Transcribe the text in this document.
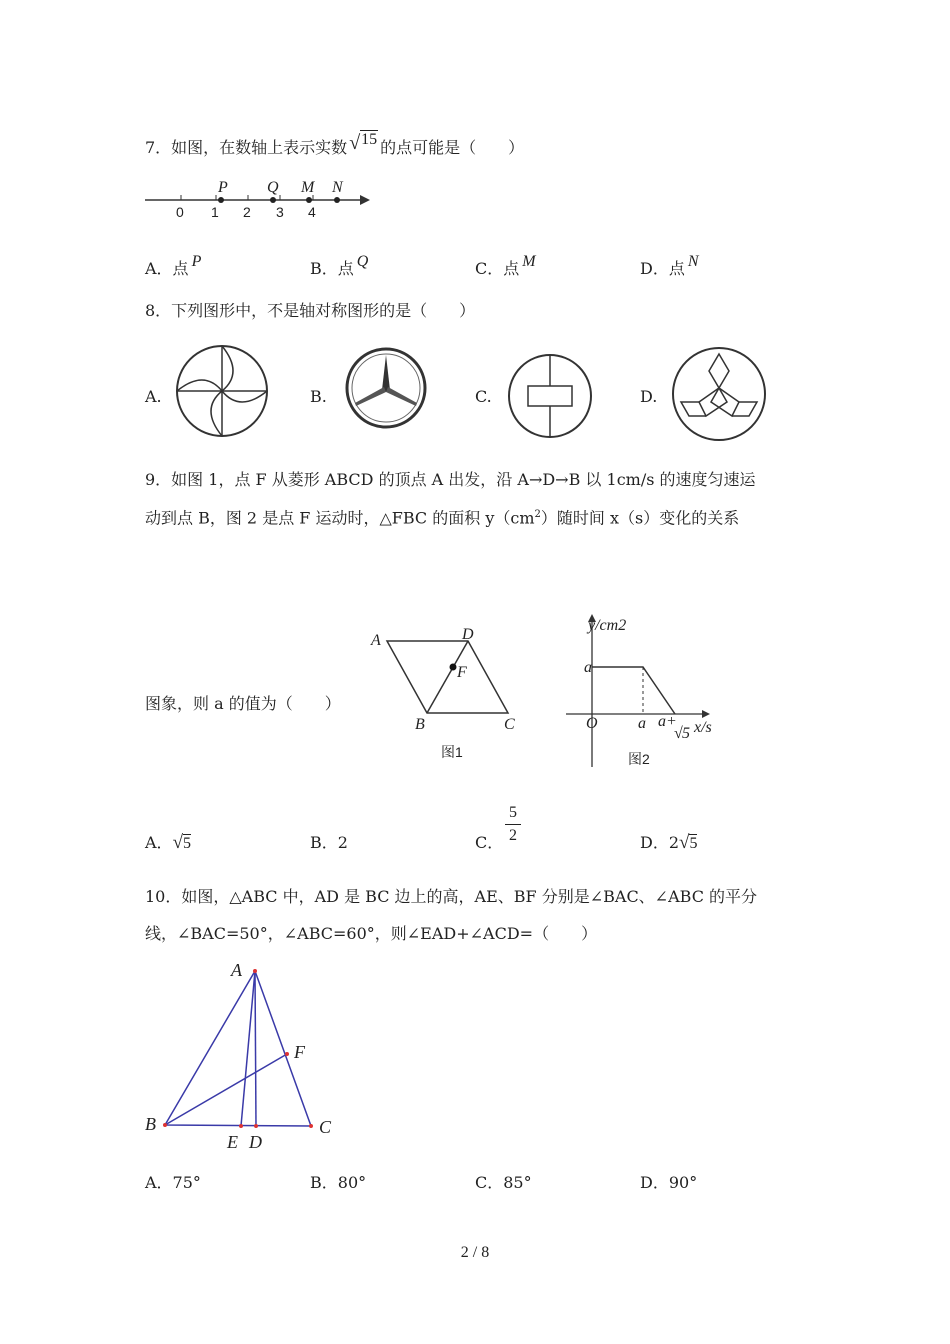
7．如图，在数轴上表示实数 √15 的点可能是（　　）
0 1 2 3 4
P Q M N
A．点 P	B．点 Q	C．点 M	D．点 N
8．下列图形中，不是轴对称图形的是（　　）
A.	B.	C.	D.
9．如图 1，点 F 从菱形 ABCD 的顶点 A 出发，沿 A→D→B 以 1cm/s 的速度匀速运
动到点 B，图 2 是点 F 运动时，△FBC 的面积 $y(cm^2)$随时间 x（s）变化的关系
图象，则 a 的值为（　　）
A	D
F
B	C
图1
y/cm2
O
a
a a+
√ 5 x/s
图2
A．√5	B．2	C． $\frac{5}{2}$	D．2√5
10．如图，△ABC 中，AD 是 BC 边上的高，AE、BF 分别是∠BAC、∠ABC 的平分
线，∠BAC=50°，∠ABC=60°，则∠EAD+∠ACD=（　　）
A
F
B
E D
C
A．75°	B．80°	C．85°	D．90°
2 / 8
